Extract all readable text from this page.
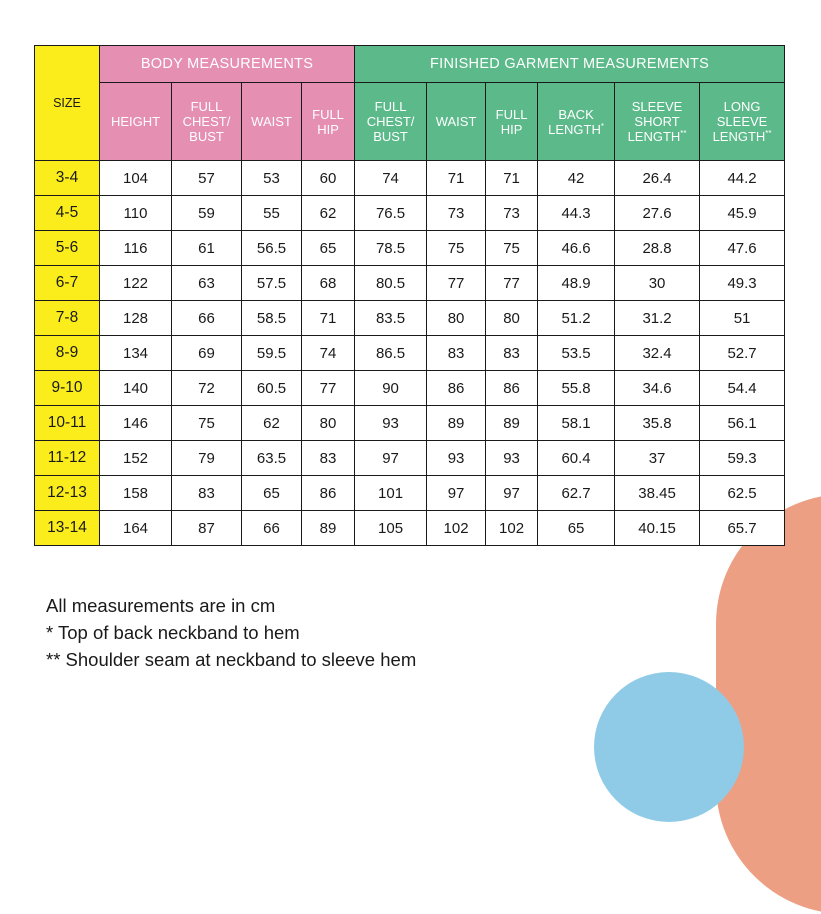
SIZE	BODY MEASUREMENTS				FINISHED GARMENT MEASUREMENTS					
	HEIGHT	FULL
CHEST/
BUST	WAIST	FULL
HIP	FULL
CHEST/
BUST	WAIST	FULL
HIP	BACK
LENGTH*	SLEEVE
SHORT
LENGTH**	LONG
SLEEVE
LENGTH**
3-4	104	57	53	60	74	71	71	42	26.4	44.2
4-5	110	59	55	62	76.5	73	73	44.3	27.6	45.9
5-6	116	61	56.5	65	78.5	75	75	46.6	28.8	47.6
6-7	122	63	57.5	68	80.5	77	77	48.9	30	49.3
7-8	128	66	58.5	71	83.5	80	80	51.2	31.2	51
8-9	134	69	59.5	74	86.5	83	83	53.5	32.4	52.7
9-10	140	72	60.5	77	90	86	86	55.8	34.6	54.4
10-11	146	75	62	80	93	89	89	58.1	35.8	56.1
11-12	152	79	63.5	83	97	93	93	60.4	37	59.3
12-13	158	83	65	86	101	97	97	62.7	38.45	62.5
13-14	164	87	66	89	105	102	102	65	40.15	65.7
All measurements are in cm
* Top of back neckband to hem
** Shoulder seam at neckband to sleeve hem
